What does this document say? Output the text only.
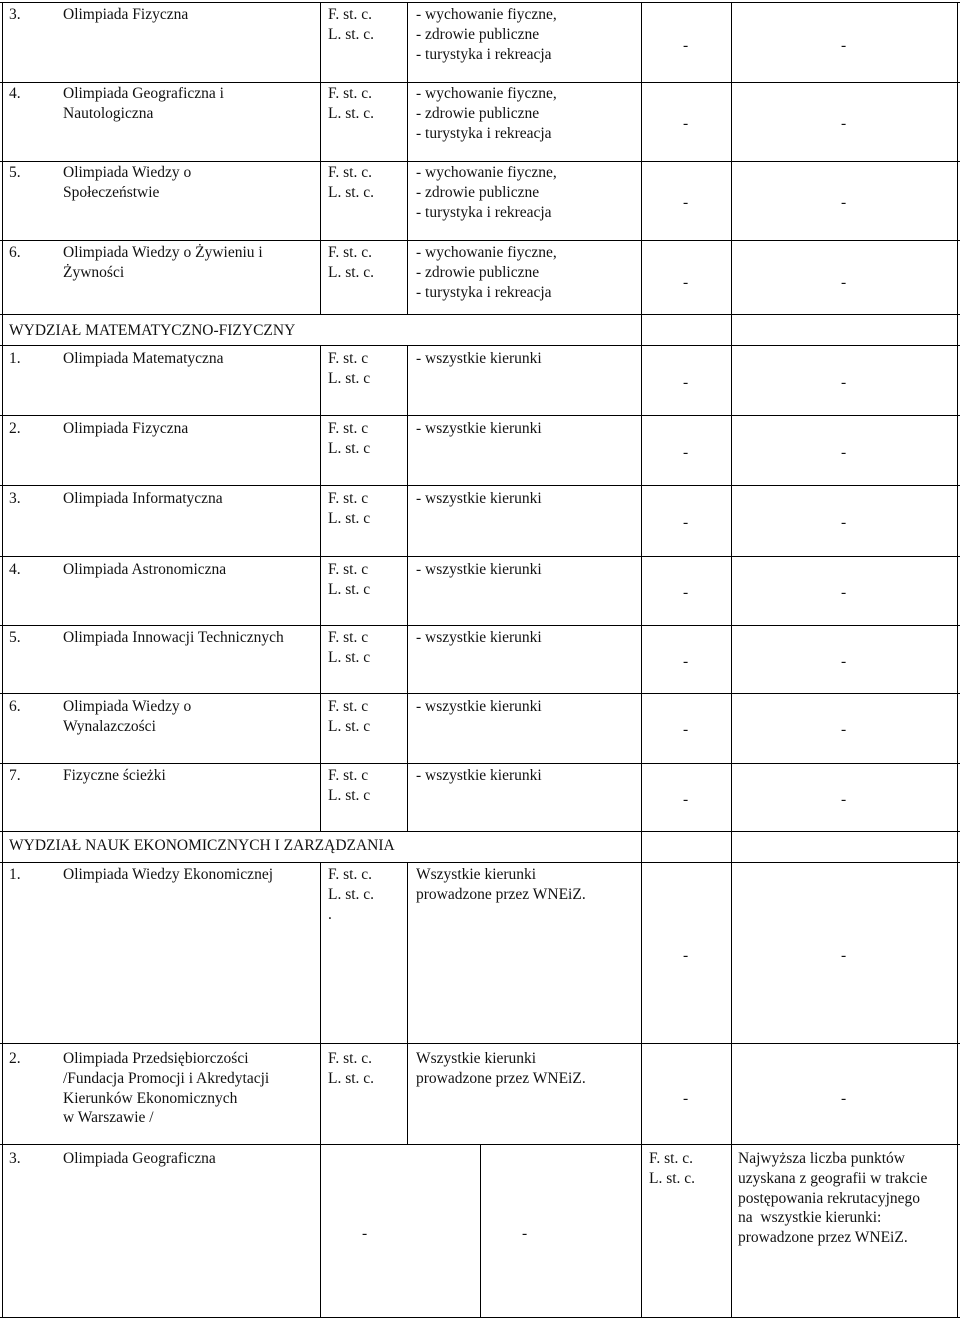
3.	Olimpiada Fizyczna	F. st. c.
L. st. c.
- wychowanie fiyczne,
- zdrowie publiczne
- turystyka i rekreacja
-	-
4.	Olimpiada Geograficzna i
Nautologiczna
F. st. c.
L. st. c.
- wychowanie fiyczne,
- zdrowie publiczne
- turystyka i rekreacja
-	-
5.	Olimpiada Wiedzy o
Społeczeństwie
F. st. c.
L. st. c.
- wychowanie fiyczne,
- zdrowie publiczne
- turystyka i rekreacja
-	-
6.	Olimpiada Wiedzy o Żywieniu i
Żywności
F. st. c.
L. st. c.
- wychowanie fiyczne,
- zdrowie publiczne
- turystyka i rekreacja
-	-
WYDZIAŁ MATEMATYCZNO-FIZYCZNY
1.	Olimpiada Matematyczna	F. st. c
L. st. c
- wszystkie kierunki
-	-
2.	Olimpiada Fizyczna	F. st. c
L. st. c
- wszystkie kierunki
-	-
3.	Olimpiada Informatyczna	F. st. c
L. st. c
- wszystkie kierunki
-	-
4.	Olimpiada Astronomiczna	F. st. c
L. st. c
- wszystkie kierunki
-	-
5.	Olimpiada Innowacji Technicznych	F. st. c
L. st. c
- wszystkie kierunki
-	-
6.	Olimpiada Wiedzy o
Wynalazczości
F. st. c
L. st. c
- wszystkie kierunki
-	-
7.	Fizyczne ścieżki	F. st. c
L. st. c
- wszystkie kierunki
-	-
WYDZIAŁ NAUK EKONOMICZNYCH I ZARZĄDZANIA
1.	Olimpiada Wiedzy Ekonomicznej	F. st. c.
L. st. c.
.
Wszystkie kierunki
prowadzone przez WNEiZ.
-	-
2.	Olimpiada Przedsiębiorczości
/Fundacja Promocji i Akredytacji
Kierunków Ekonomicznych
w Warszawie /
F. st. c.
L. st. c.
Wszystkie kierunki
prowadzone przez WNEiZ.
-	-
3.	Olimpiada Geograficzna
-	-
F. st. c.
L. st. c.
Najwyższa liczba punktów
uzyskana z geografii w trakcie
postępowania rekrutacyjnego
na  wszystkie kierunki:
prowadzone przez WNEiZ.
